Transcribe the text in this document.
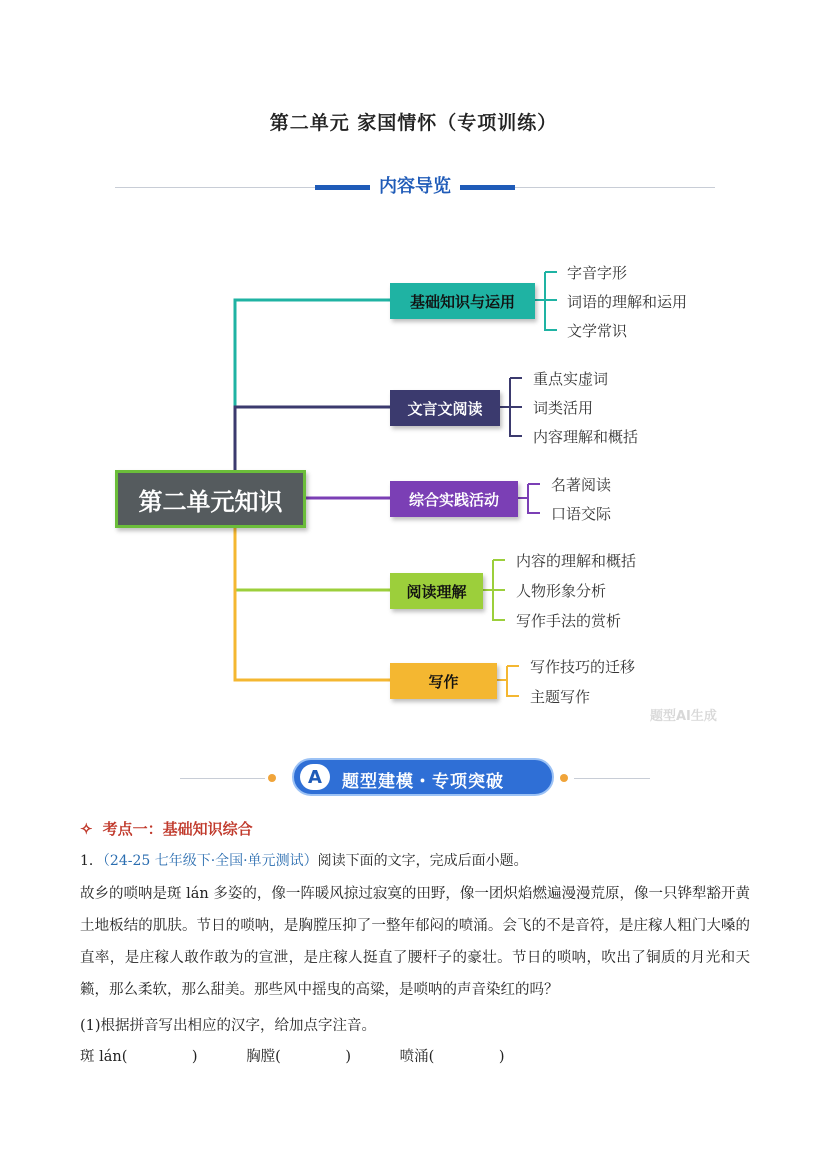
第二单元 家国情怀（专项训练）
内容导览
第二单元知识
基础知识与运用
字音字形
词语的理解和运用
文学常识
文言文阅读
重点实虚词
词类活用
内容理解和概括
综合实践活动
名著阅读
口语交际
阅读理解
内容的理解和概括
人物形象分析
写作手法的赏析
写作
写作技巧的迁移
主题写作
题型AI生成
A	题型建模・专项突破
✧ 考点一：基础知识综合
1．（24-25 七年级下·全国·单元测试）阅读下面的文字，完成后面小题。
故乡的唢呐是斑 lán 多姿的，像一阵暖风掠过寂寞的田野，像一团炽焰燃遍漫漫荒原，像一只铧犁豁开黄土地板结的肌肤。节日的唢呐，是胸膛压抑了一整年郁闷的喷涌。会飞的不是音符，是庄稼人粗门大嗓的直率，是庄稼人敢作敢为的宣泄，是庄稼人挺直了腰杆子的豪壮。节日的唢呐，吹出了铜质的月光和天籁，那么柔软，那么甜美。那些风中摇曳的高粱，是唢呐的声音染红的吗？
(1)根据拼音写出相应的汉字，给加点字注音。
斑 lán(              )	胸膛(              )	喷涌(              )
